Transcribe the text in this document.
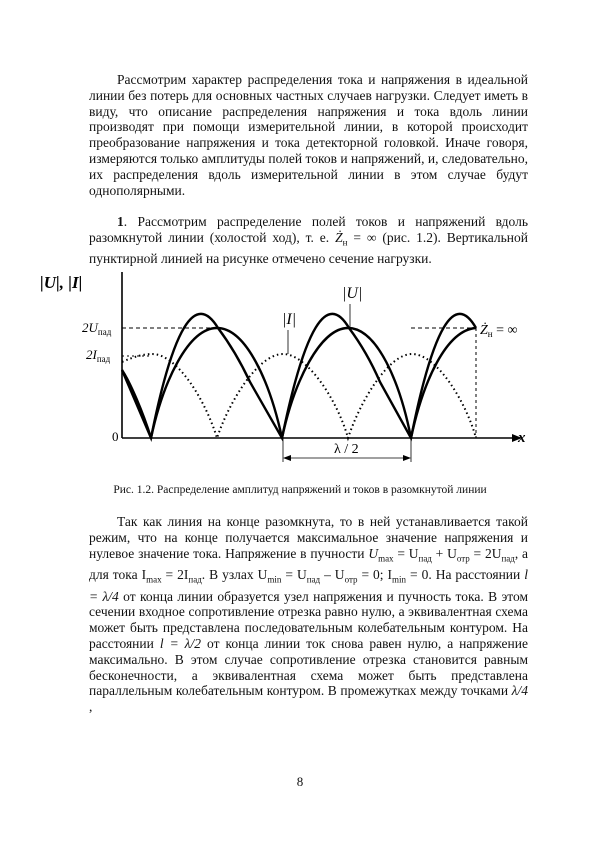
Рассмотрим характер распределения тока и напряжения в идеальной линии без потерь для основных частных случаев нагрузки. Следует иметь в виду, что описание распределения напряжения и тока вдоль линии производят при помощи измерительной линии, в которой происходит преобразование напряжения и тока детекторной головкой. Иначе говоря, измеряются только амплитуды полей токов и напряжений, и, следовательно, их распределения вдоль измерительной линии в этом случае будут однополярными.

1. Рассмотрим распределение полей токов и напряжений вдоль разомкнутой линии (холостой ход), т. е. $Ż_н$ = ∞ (рис. 1.2). Вертикальной пунктирной линией на рисунке отмечено сечение нагрузки.

x
|U|, |I|
$2U_{пад}$
$2I_{пад}$
0
|U|
|I|
$Ż_н$ = ∞
λ / 2
Рис. 1.2. Распределение амплитуд напряжений и токов в разомкнутой линии

Так как линия на конце разомкнута, то в ней устанавливается такой режим, что на конце получается максимальное значение напряжения и нулевое значение тока. Напряжение в пучности $U_{max} = U_{пад} + U_{отр} = 2U_{пад}$, а для тока $I_{max} = 2I_{пад}$. В узлах $U_{min} = U_{пад} - U_{отр} = 0$; $I_{min} = 0$. На расстоянии l = λ/4 от конца линии образуется узел напряжения и пучность тока. В этом сечении входное сопротивление отрезка равно нулю, а эквивалентная схема может быть представлена последовательным колебательным контуром. На расстоянии l = λ/2 от конца линии ток снова равен нулю, а напряжение максимально. В этом случае сопротивление отрезка становится равным бесконечности, а эквивалентная схема может быть представлена параллельным колебательным контуром. В промежутках между точками λ/4 ,

8
